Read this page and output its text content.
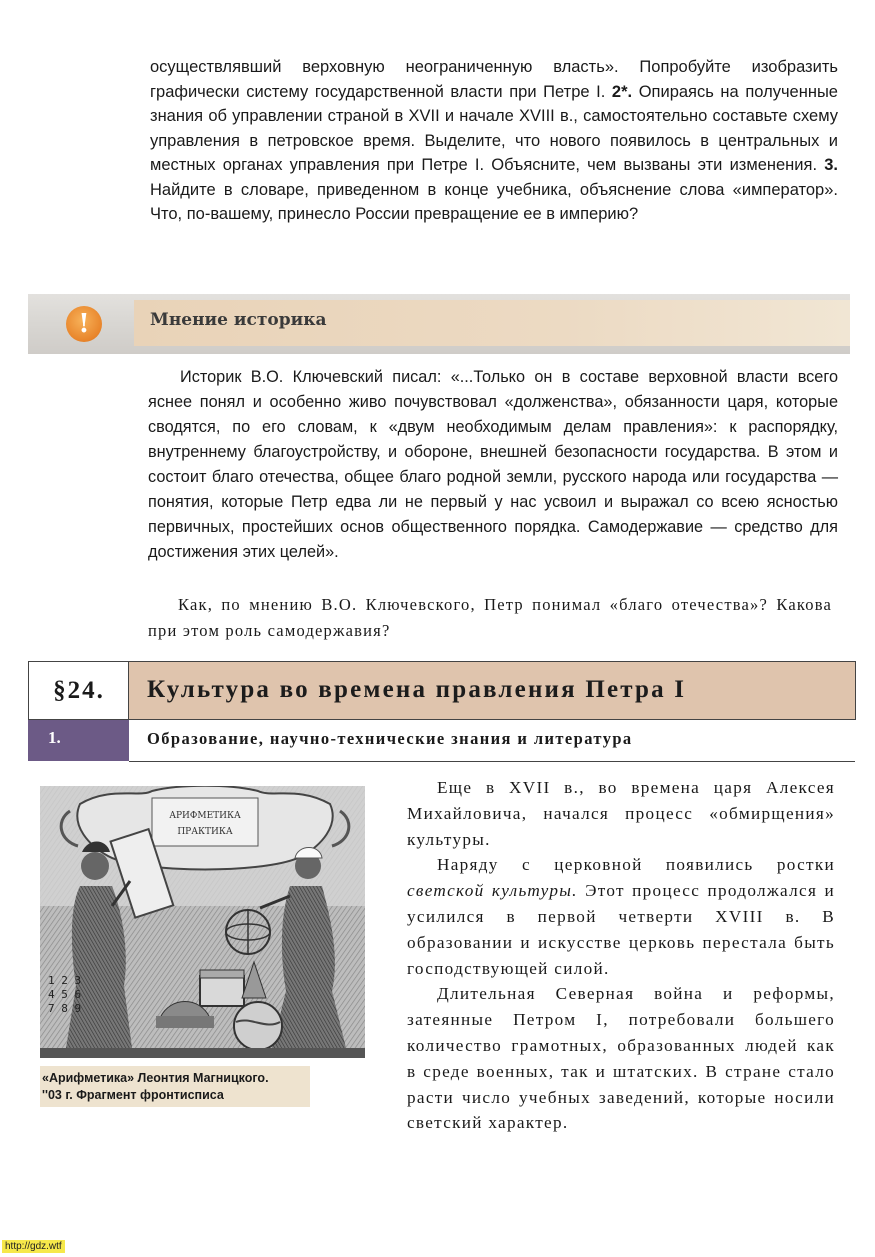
осуществлявший верховную неограниченную власть». Попробуйте изобразить графически систему государственной власти при Петре I. 2*. Опираясь на полученные знания об управлении страной в XVII и начале XVIII в., самостоятельно составьте схему управления в петровское время. Выделите, что нового появилось в центральных и местных органах управления при Петре I. Объясните, чем вызваны эти изменения. 3. Найдите в словаре, приведенном в конце учебника, объяснение слова «император». Что, по-вашему, принесло России превращение ее в империю?
!	Мнение историка

Историк В.О. Ключевский писал: «...Только он в составе верховной власти всего яснее понял и особенно живо почувствовал «долженства», обязанности царя, которые сводятся, по его словам, к «двум необходимым делам правления»: к распорядку, внутреннему благоустройству, и обороне, внешней безопасности государства. В этом и состоит благо отечества, общее благо родной земли, русского народа или государства — понятия, которые Петр едва ли не первый у нас усвоил и выражал со всею ясностью первичных, простейших основ общественного порядка. Самодержавие — средство для достижения этих целей».

Как, по мнению В.О. Ключевского, Петр понимал «благо отечества»? Какова при этом роль самодержавия?
§24.	Культура во времена правления Петра I
1.	Образование, научно-технические знания и литература
АРИФМЕТИКА
ПРАКТИКА
1 2 3
4 5 6
7 8 9
«Арифметика» Леонтия Магницкого.
''03 г. Фрагмент фронтисписа

Еще в XVII в., во времена царя Алексея Михайловича, начался процесс «обмирщения» культуры.

Наряду с церковной появились ростки светской культуры. Этот процесс продолжался и усилился в первой четверти XVIII в. В образовании и искусстве церковь перестала быть господствующей силой.

Длительная Северная война и реформы, затеянные Петром I, потребовали большего количество грамотных, образованных людей как в среде военных, так и штатских. В стране стало расти число учебных заведений, которые носили светский характер.

http://gdz.wtf
